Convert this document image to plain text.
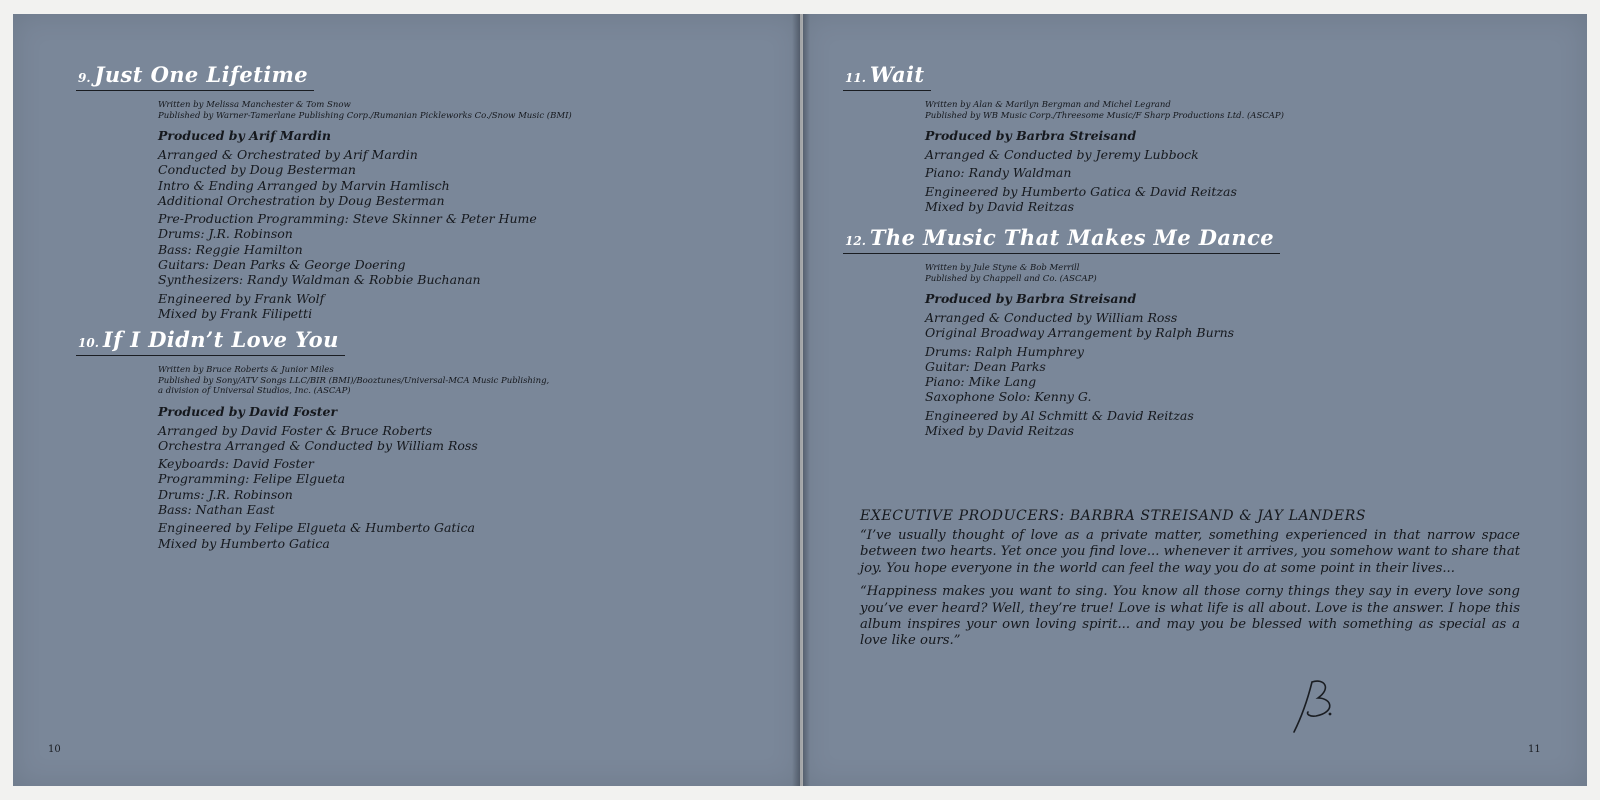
9. Just One Lifetime
Written by Melissa Manchester & Tom Snow
Published by Warner-Tamerlane Publishing Corp./Rumanian Pickleworks Co./Snow Music (BMI)
Produced by Arif Mardin
Arranged & Orchestrated by Arif Mardin
Conducted by Doug Besterman
Intro & Ending Arranged by Marvin Hamlisch
Additional Orchestration by Doug Besterman
Pre-Production Programming: Steve Skinner & Peter Hume
Drums: J.R. Robinson
Bass: Reggie Hamilton
Guitars: Dean Parks & George Doering
Synthesizers: Randy Waldman & Robbie Buchanan
Engineered by Frank Wolf
Mixed by Frank Filipetti
10. If I Didn’t Love You
Written by Bruce Roberts & Junior Miles
Published by Sony/ATV Songs LLC/BIR (BMI)/Booztunes/Universal-MCA Music Publishing,
a division of Universal Studios, Inc. (ASCAP)
Produced by David Foster
Arranged by David Foster & Bruce Roberts
Orchestra Arranged & Conducted by William Ross
Keyboards: David Foster
Programming: Felipe Elgueta
Drums: J.R. Robinson
Bass: Nathan East
Engineered by Felipe Elgueta & Humberto Gatica
Mixed by Humberto Gatica
11. Wait
Written by Alan & Marilyn Bergman and Michel Legrand
Published by WB Music Corp./Threesome Music/F Sharp Productions Ltd. (ASCAP)
Produced by Barbra Streisand
Arranged & Conducted by Jeremy Lubbock
Piano: Randy Waldman
Engineered by Humberto Gatica & David Reitzas
Mixed by David Reitzas
12. The Music That Makes Me Dance
Written by Jule Styne & Bob Merrill
Published by Chappell and Co. (ASCAP)
Produced by Barbra Streisand
Arranged & Conducted by William Ross
Original Broadway Arrangement by Ralph Burns
Drums: Ralph Humphrey
Guitar: Dean Parks
Piano: Mike Lang
Saxophone Solo: Kenny G.
Engineered by Al Schmitt & David Reitzas
Mixed by David Reitzas
EXECUTIVE PRODUCERS: BARBRA STREISAND & JAY LANDERS
“I’ve usually thought of love as a private matter, something experienced in that narrow space between two hearts. Yet once you find love... whenever it arrives, you somehow want to share that joy. You hope everyone in the world can feel the way you do at some point in their lives...
“Happiness makes you want to sing. You know all those corny things they say in every love song you’ve ever heard? Well, they’re true! Love is what life is all about. Love is the answer. I hope this album inspires your own loving spirit... and may you be blessed with something as special as a love like ours.”
10	11
